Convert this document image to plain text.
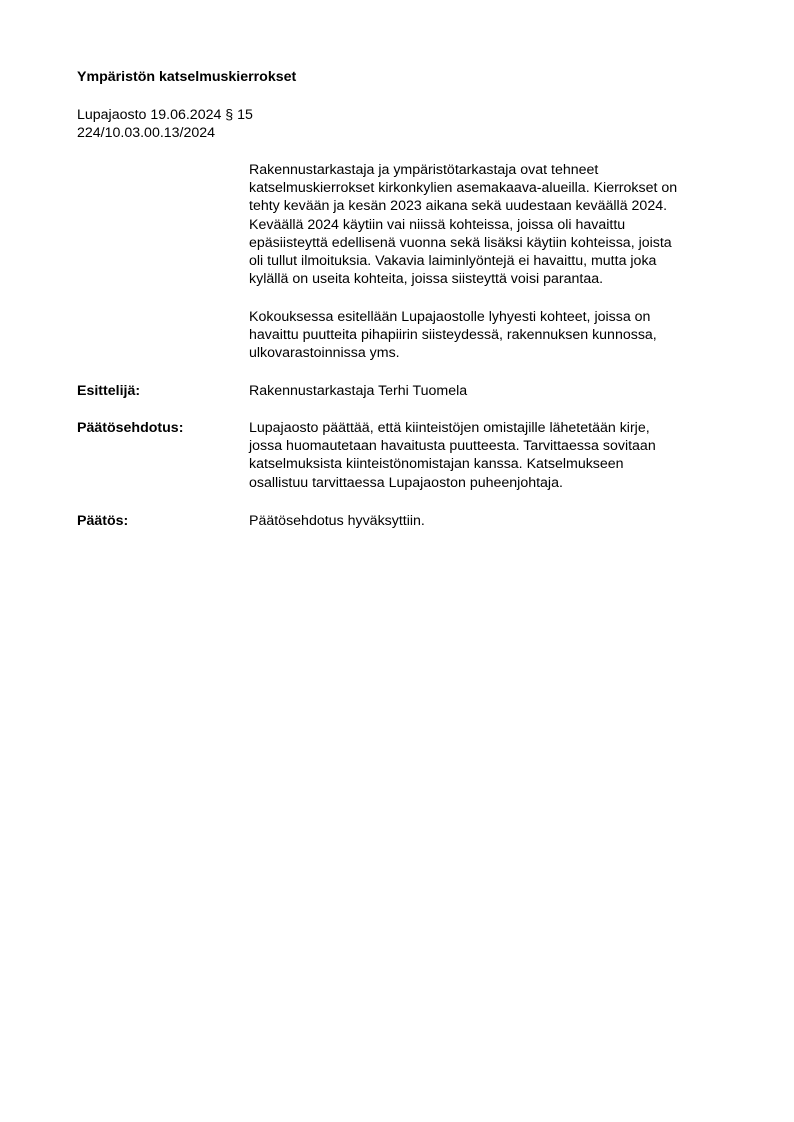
Ympäristön katselmuskierrokset
Lupajaosto 19.06.2024 § 15
224/10.03.00.13/2024
Rakennustarkastaja ja ympäristötarkastaja ovat tehneet
katselmuskierrokset kirkonkylien asemakaava-alueilla. Kierrokset on
tehty kevään ja kesän 2023 aikana sekä uudestaan keväällä 2024.
Keväällä 2024 käytiin vai niissä kohteissa, joissa oli havaittu
epäsiisteyttä edellisenä vuonna sekä lisäksi käytiin kohteissa, joista
oli tullut ilmoituksia. Vakavia laiminlyöntejä ei havaittu, mutta joka
kylällä on useita kohteita, joissa siisteyttä voisi parantaa.
Kokouksessa esitellään Lupajaostolle lyhyesti kohteet, joissa on
havaittu puutteita pihapiirin siisteydessä, rakennuksen kunnossa,
ulkovarastoinnissa yms.
Esittelijä:	Rakennustarkastaja Terhi Tuomela
Päätösehdotus:	Lupajaosto päättää, että kiinteistöjen omistajille lähetetään kirje,
jossa huomautetaan havaitusta puutteesta. Tarvittaessa sovitaan
katselmuksista kiinteistönomistajan kanssa. Katselmukseen
osallistuu tarvittaessa Lupajaoston puheenjohtaja.
Päätös:	Päätösehdotus hyväksyttiin.
